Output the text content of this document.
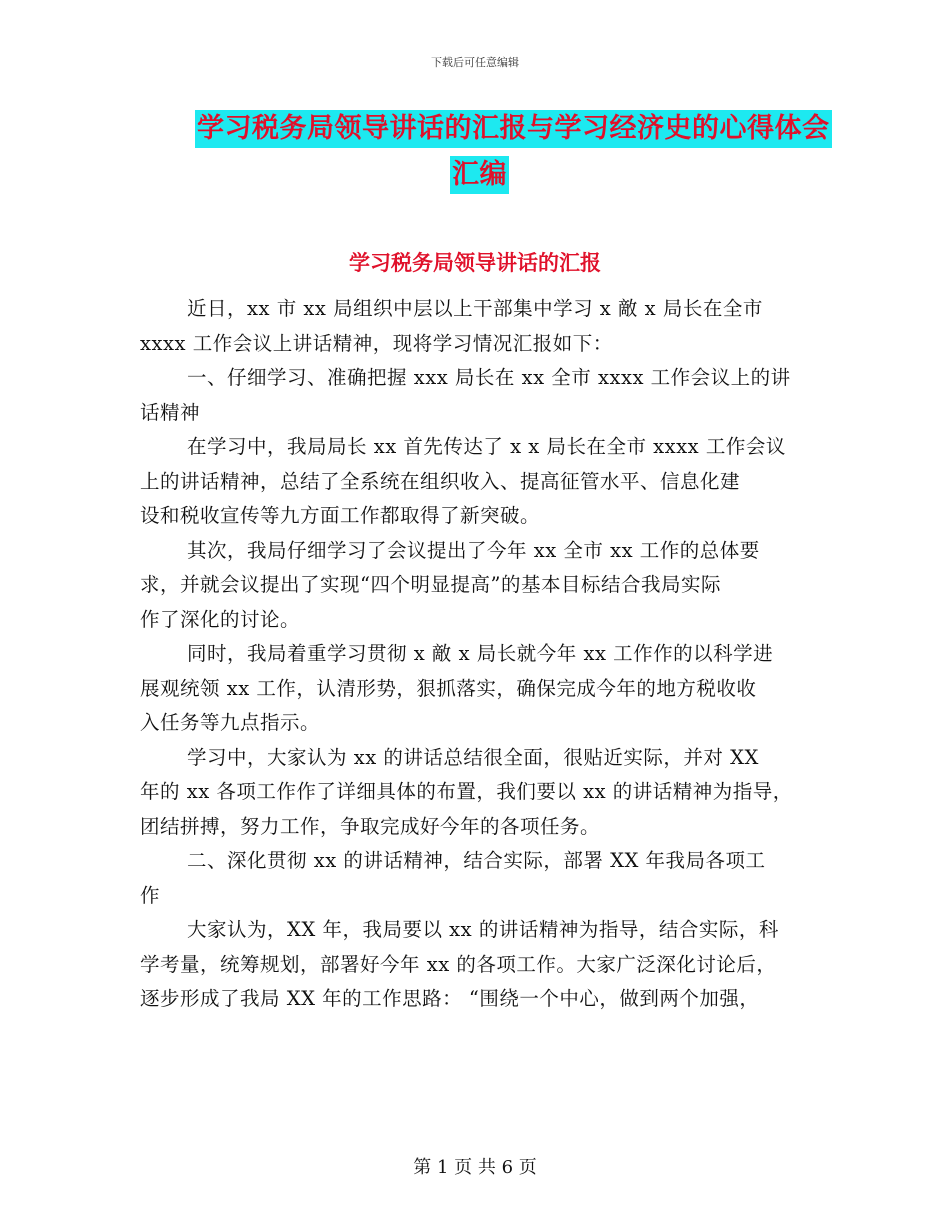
下载后可任意编辑
学习税务局领导讲话的汇报与学习经济史的心得体会
汇编
学习税务局领导讲话的汇报
近日，xx 市 xx 局组织中层以上干部集中学习 x 敵 x 局长在全市
xxxx 工作会议上讲话精神，现将学习情况汇报如下：
一、仔细学习、准确把握 xxx 局长在 xx 全市 xxxx 工作会议上的讲
话精神
在学习中，我局局长 xx 首先传达了 x x 局长在全市 xxxx 工作会议
上的讲话精神，总结了全系统在组织收入、提高征管水平、信息化建
设和税收宣传等九方面工作都取得了新突破。
其次，我局仔细学习了会议提出了今年 xx 全市 xx 工作的总体要
求，并就会议提出了实现“四个明显提高”的基本目标结合我局实际
作了深化的讨论。
同时，我局着重学习贯彻 x 敵 x 局长就今年 xx 工作作的以科学进
展观统领 xx 工作，认清形势，狠抓落实，确保完成今年的地方税收收
入任务等九点指示。
学习中，大家认为 xx 的讲话总结很全面，很贴近实际，并对 XX
年的 xx 各项工作作了详细具体的布置，我们要以 xx 的讲话精神为指导，
团结拼搏，努力工作，争取完成好今年的各项任务。
二、深化贯彻 xx 的讲话精神，结合实际，部署 XX 年我局各项工
作
大家认为，XX 年，我局要以 xx 的讲话精神为指导，结合实际，科
学考量，统筹规划，部署好今年 xx 的各项工作。大家广泛深化讨论后，
逐步形成了我局 XX 年的工作思路： “围绕一个中心，做到两个加强，
第 1 页 共 6 页
